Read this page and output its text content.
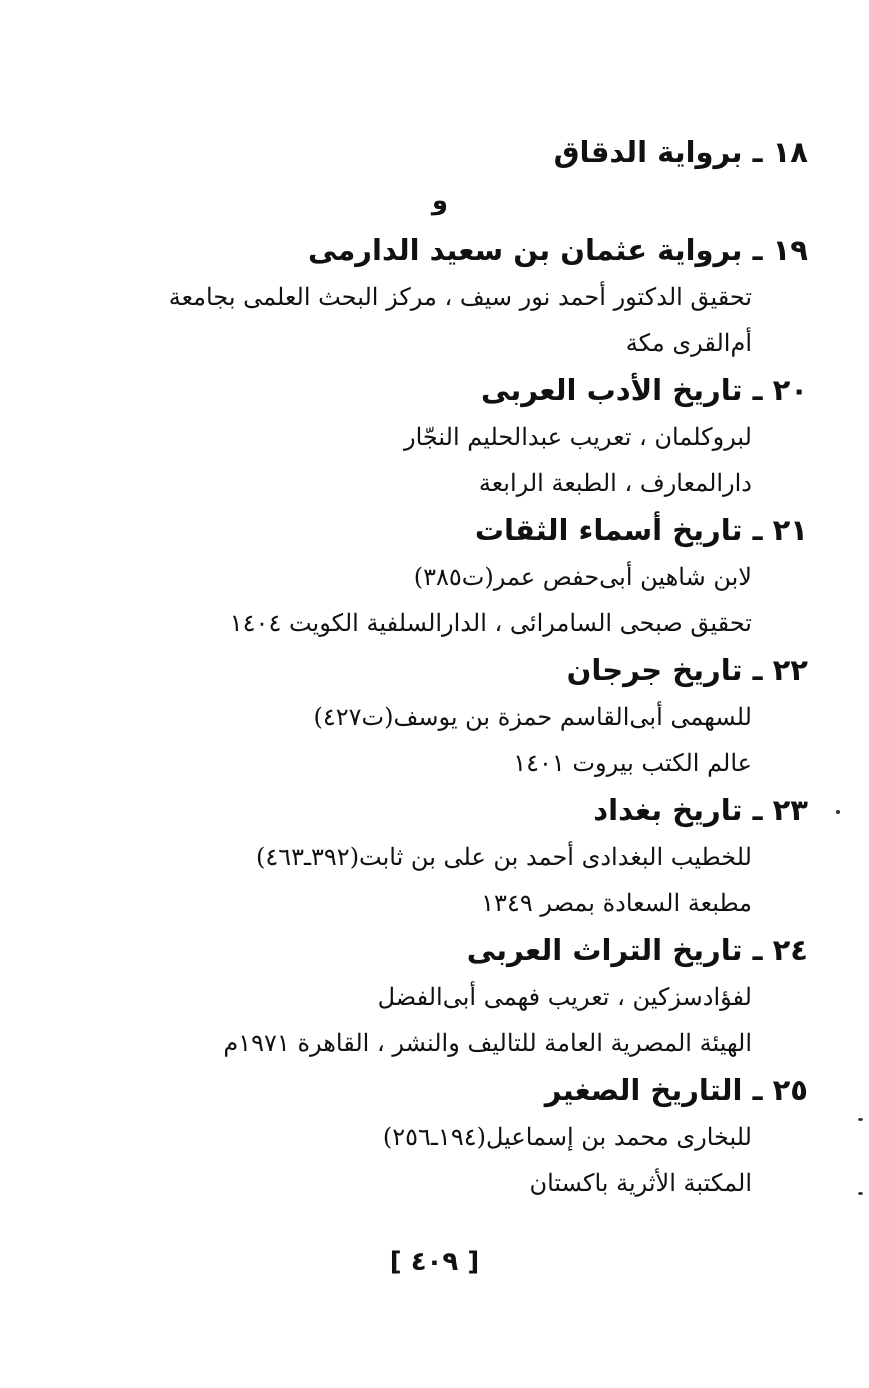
١٨ ـ برواية الدقاق
و
١٩ ـ برواية عثمان بن سعيد الدارمى
تحقيق الدكتور أحمد نور سيف ، مركز البحث العلمى بجامعة
أم‌القرى مكة
٢٠ ـ تاريخ الأدب العربى
لبروكلمان ، تعريب عبدالحليم النجّار
دارالمعارف ، الطبعة الرابعة
٢١ ـ تاريخ أسماء الثقات
لابن شاهين أبى‌حفص عمر(ت٣٨٥)
تحقيق صبحى السامرائى ، الدارالسلفية الكويت ١٤٠٤
٢٢ ـ تاريخ جرجان
للسهمى أبى‌القاسم حمزة بن يوسف(ت٤٢٧)
عالم الكتب بيروت ١٤٠١
٢٣ ـ تاريخ بغداد
للخطيب البغدادى أحمد بن على بن ثابت(٣٩٢ـ٤٦٣)
مطبعة السعادة بمصر ١٣٤٩
٢٤ ـ تاريخ التراث العربى
لفؤادسزكين ، تعريب فهمى أبى‌الفضل
الهيئة المصرية العامة للتاليف والنشر ، القاهرة ١٩٧١م
٢٥ ـ التاريخ الصغير
للبخارى محمد بن إسماعيل(١٩٤ـ٢٥٦)
المكتبة الأثرية باكستان
[ ٤٠٩ ]
